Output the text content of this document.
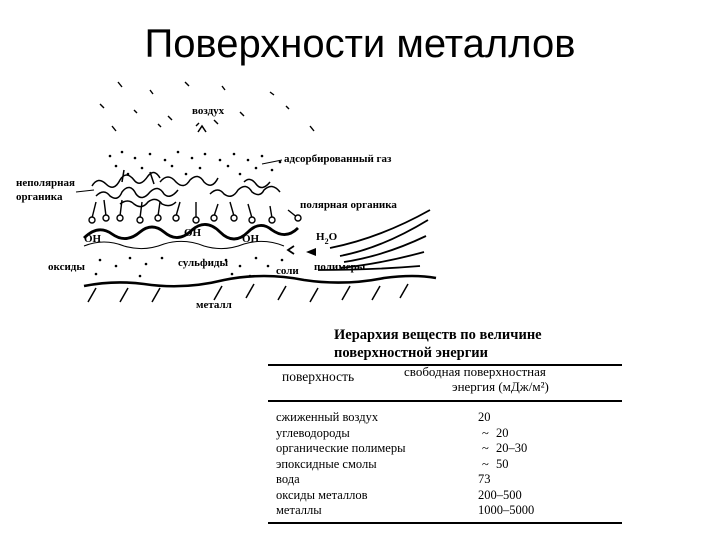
Поверхности металлов
воздух
адсорбированный газ
неполярная
органика
полярная органика
OH	OH	OH	$H_2O$
оксиды	сульфиды
соли полимеры
металл
Иерархия веществ по величине
поверхностной энергии
поверхность	свободная поверхностная
энергия (мДж/м²)
сжиженный воздух	20
углеводороды	~ 20
органические полимеры	~ 20–30
эпоксидные смолы	~ 50
вода	73
оксиды металлов	200–500
металлы	1000–5000
